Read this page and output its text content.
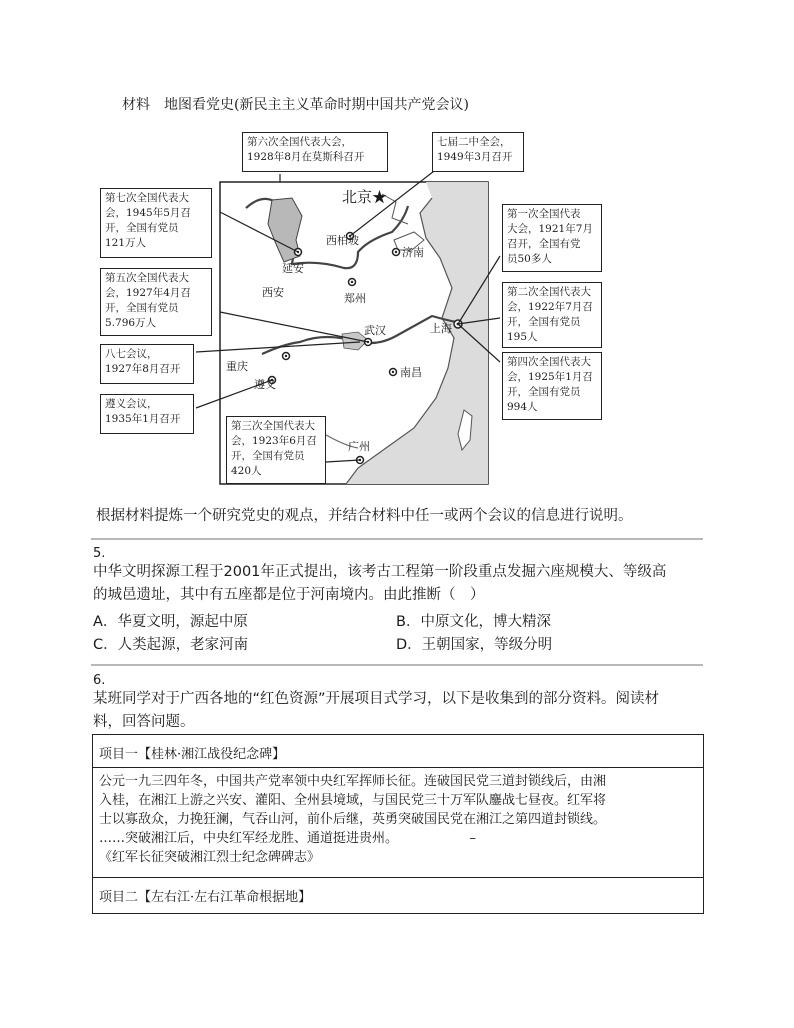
材料　地图看党史(新民主主义革命时期中国共产党会议)
北京★
西柏坡
济南
延安
西安	郑州
武汉	上海
重庆	南昌
遵义
广州
第六次全国代表大会，
1928年8月在莫斯科召开
七届二中全会，
1949年3月召开
第七次全国代表大
会，1945年5月召
开，全国有党员
121万人
第五次全国代表大
会，1927年4月召
开，全国有党员
5.796万人
八七会议，
1927年8月召开
遵义会议，
1935年1月召开
第三次全国代表大
会，1923年6月召
开，全国有党员
420人
第一次全国代表
大会，1921年7月
召开，全国有党
员50多人
第二次全国代表大
会，1922年7月召
开，全国有党员
195人
第四次全国代表大
会，1925年1月召
开，全国有党员
994人
根据材料提炼一个研究党史的观点，并结合材料中任一或两个会议的信息进行说明。
5.
中华文明探源工程于2001年正式提出，该考古工程第一阶段重点发掘六座规模大、等级高
的城邑遗址，其中有五座都是位于河南境内。由此推断（　）
A．华夏文明，源起中原	B．中原文化，博大精深
C．人类起源，老家河南	D．王朝国家，等级分明
6.
某班同学对于广西各地的“红色资源”开展项目式学习，以下是收集到的部分资料。阅读材
料，回答问题。
项目一【桂林·湘江战役纪念碑】
公元一九三四年冬，中国共产党率领中央红军挥师长征。连破国民党三道封锁线后，由湘
入桂，在湘江上游之兴安、灌阳、全州县境域，与国民党三十万军队鏖战七昼夜。红军将
士以寡敌众，力挽狂澜，气吞山河，前仆后继，英勇突破国民党在湘江之第四道封锁线。
……突破湘江后，中央红军经龙胜、通道挺进贵州。　　　　　　–
《红军长征突破湘江烈士纪念碑碑志》
项目二【左右江·左右江革命根据地】
